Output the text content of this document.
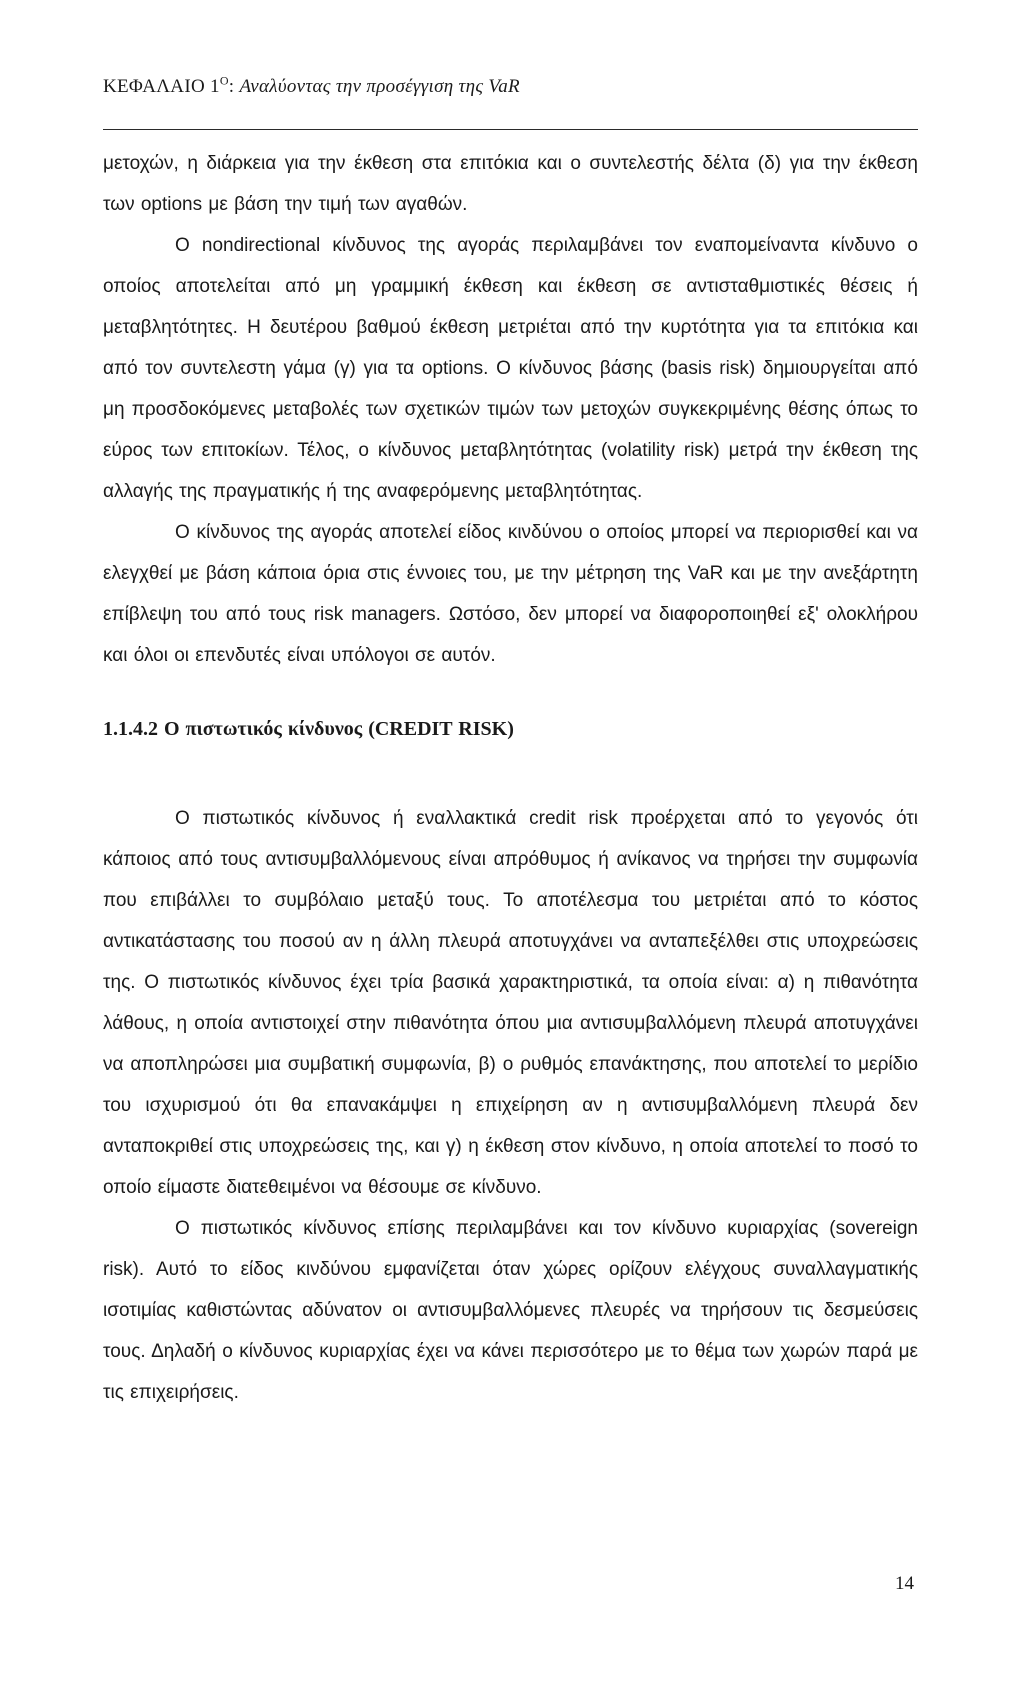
ΚΕΦΑΛΑΙΟ $1^O$: Αναλύοντας την προσέγγιση της VaR

μετοχών, η διάρκεια για την έκθεση στα επιτόκια και ο συντελεστής δέλτα (δ) για την έκθεση των options με βάση την τιμή των αγαθών.

Ο nondirectional κίνδυνος της αγοράς περιλαμβάνει τον εναπομείναντα κίνδυνο ο οποίος αποτελείται από μη γραμμική έκθεση και έκθεση σε αντισταθμιστικές θέσεις ή μεταβλητότητες. Η δευτέρου βαθμού έκθεση μετριέται από την κυρτότητα για τα επιτόκια και από τον συντελεστη γάμα (γ) για τα options. Ο κίνδυνος βάσης (basis risk) δημιουργείται από μη προσδοκόμενες μεταβολές των σχετικών τιμών των μετοχών συγκεκριμένης θέσης όπως το εύρος των επιτοκίων. Τέλος, ο κίνδυνος μεταβλητότητας (volatility risk) μετρά την έκθεση της αλλαγής της πραγματικής ή της αναφερόμενης μεταβλητότητας.

Ο κίνδυνος της αγοράς αποτελεί είδος κινδύνου ο οποίος μπορεί να περιορισθεί και να ελεγχθεί με βάση κάποια όρια στις έννοιες του, με την μέτρηση της VaR και με την ανεξάρτητη επίβλεψη του από τους risk managers. Ωστόσο, δεν μπορεί να διαφοροποιηθεί εξ' ολοκλήρου και όλοι οι επενδυτές είναι υπόλογοι σε αυτόν.

1.1.4.2 Ο πιστωτικός κίνδυνος (CREDIT RISK)

Ο πιστωτικός κίνδυνος ή εναλλακτικά credit risk προέρχεται από το γεγονός ότι κάποιος από τους αντισυμβαλλόμενους είναι απρόθυμος ή ανίκανος να τηρήσει την συμφωνία που επιβάλλει το συμβόλαιο μεταξύ τους. Το αποτέλεσμα του μετριέται από το κόστος αντικατάστασης του ποσού αν η άλλη πλευρά αποτυγχάνει να ανταπεξέλθει στις υποχρεώσεις της. Ο πιστωτικός κίνδυνος έχει τρία βασικά χαρακτηριστικά, τα οποία είναι: α) η πιθανότητα λάθους, η οποία αντιστοιχεί στην πιθανότητα όπου μια αντισυμβαλλόμενη πλευρά αποτυγχάνει να αποπληρώσει μια συμβατική συμφωνία, β) ο ρυθμός επανάκτησης, που αποτελεί το μερίδιο του ισχυρισμού ότι θα επανακάμψει η επιχείρηση αν η αντισυμβαλλόμενη πλευρά δεν ανταποκριθεί στις υποχρεώσεις της, και γ) η έκθεση στον κίνδυνο, η οποία αποτελεί το ποσό το οποίο είμαστε διατεθειμένοι να θέσουμε σε κίνδυνο.

Ο πιστωτικός κίνδυνος επίσης περιλαμβάνει και τον κίνδυνο κυριαρχίας (sovereign risk). Αυτό το είδος κινδύνου εμφανίζεται όταν χώρες ορίζουν ελέγχους συναλλαγματικής ισοτιμίας καθιστώντας αδύνατον οι αντισυμβαλλόμενες πλευρές να τηρήσουν τις δεσμεύσεις τους. Δηλαδή ο κίνδυνος κυριαρχίας έχει να κάνει περισσότερο με το θέμα των χωρών παρά με τις επιχειρήσεις.

14
